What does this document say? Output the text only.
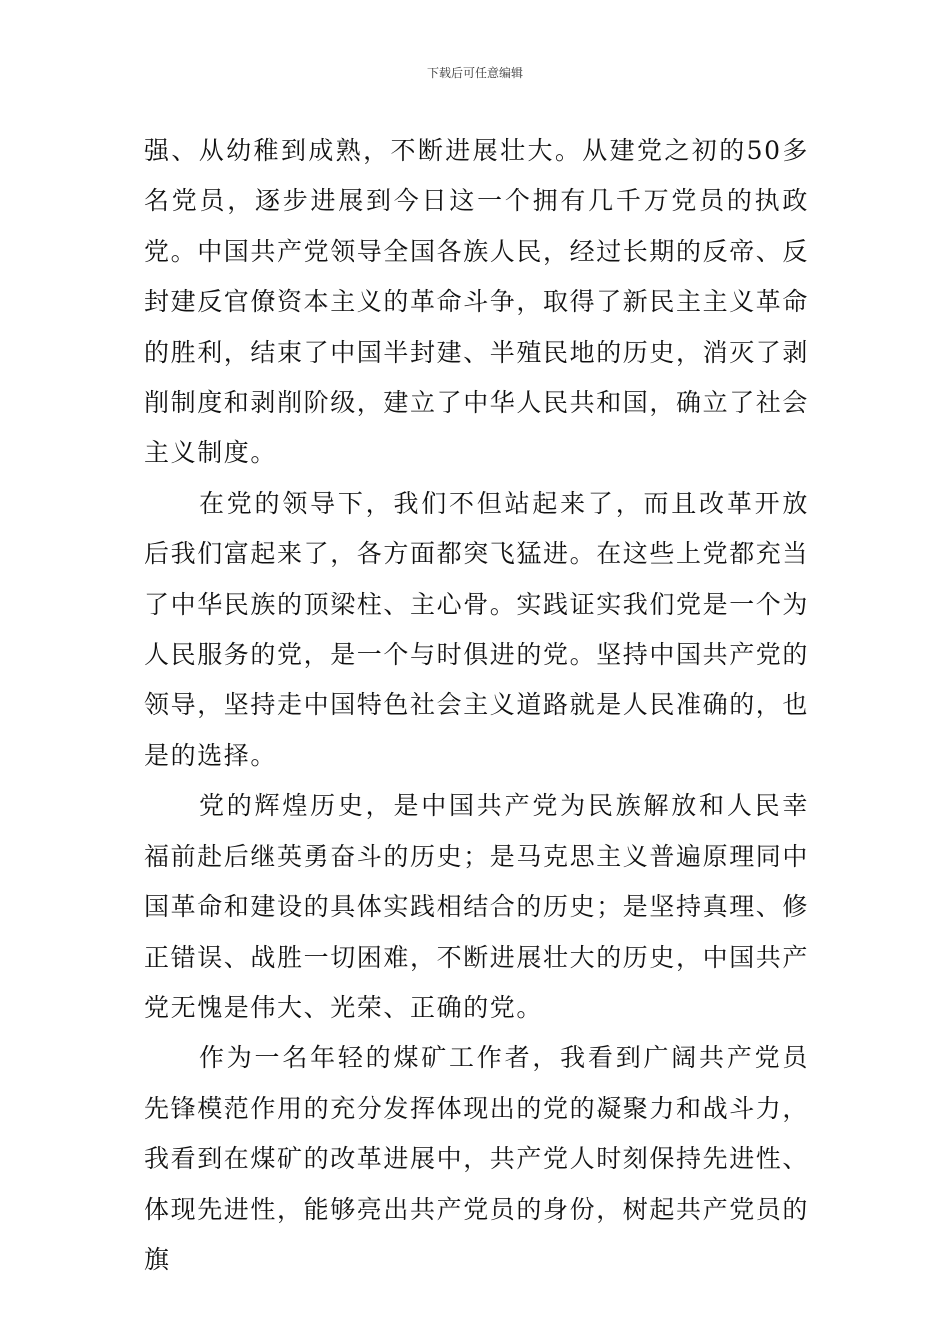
下载后可任意编辑

强、从幼稚到成熟，不断进展壮大。从建党之初的50多名党员，逐步进展到今日这一个拥有几千万党员的执政党。中国共产党领导全国各族人民，经过长期的反帝、反封建反官僚资本主义的革命斗争，取得了新民主主义革命的胜利，结束了中国半封建、半殖民地的历史，消灭了剥削制度和剥削阶级，建立了中华人民共和国，确立了社会主义制度。

在党的领导下，我们不但站起来了，而且改革开放后我们富起来了，各方面都突飞猛进。在这些上党都充当了中华民族的顶梁柱、主心骨。实践证实我们党是一个为人民服务的党，是一个与时俱进的党。坚持中国共产党的领导，坚持走中国特色社会主义道路就是人民准确的，也是的选择。

党的辉煌历史，是中国共产党为民族解放和人民幸福前赴后继英勇奋斗的历史；是马克思主义普遍原理同中国革命和建设的具体实践相结合的历史；是坚持真理、修正错误、战胜一切困难，不断进展壮大的历史，中国共产党无愧是伟大、光荣、正确的党。

作为一名年轻的煤矿工作者，我看到广阔共产党员先锋模范作用的充分发挥体现出的党的凝聚力和战斗力，我看到在煤矿的改革进展中，共产党人时刻保持先进性、体现先进性，能够亮出共产党员的身份，树起共产党员的旗
